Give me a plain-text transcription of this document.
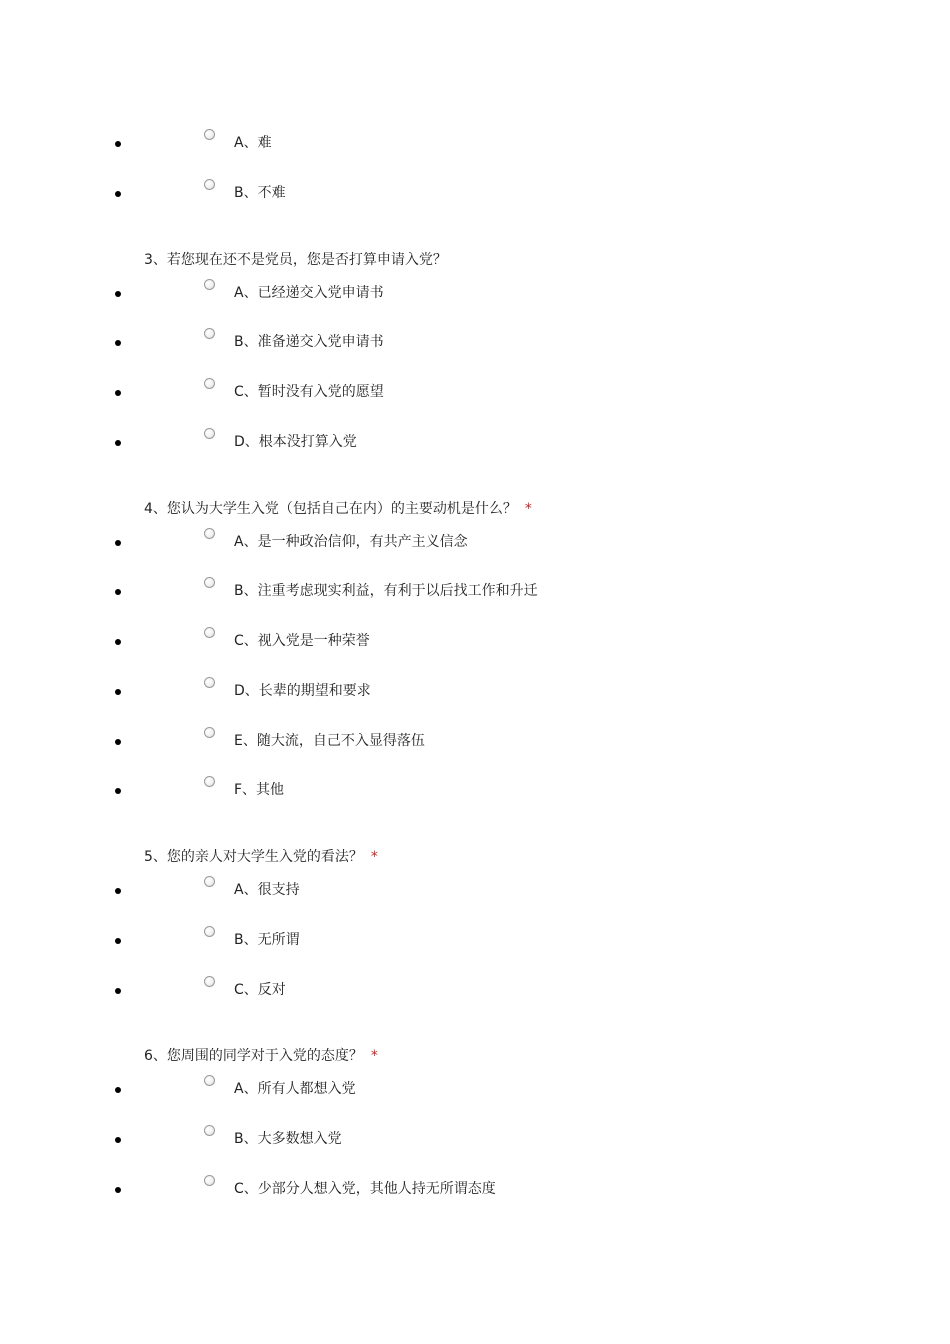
A、难
B、不难
3、若您现在还不是党员，您是否打算申请入党？
A、已经递交入党申请书
B、准备递交入党申请书
C、暂时没有入党的愿望
D、根本没打算入党
4、您认为大学生入党（包括自己在内）的主要动机是什么？ *
A、是一种政治信仰，有共产主义信念
B、注重考虑现实利益，有利于以后找工作和升迁
C、视入党是一种荣誉
D、长辈的期望和要求
E、随大流，自己不入显得落伍
F、其他
5、您的亲人对大学生入党的看法？ *
A、很支持
B、无所谓
C、反对
6、您周围的同学对于入党的态度？ *
A、所有人都想入党
B、大多数想入党
C、少部分人想入党，其他人持无所谓态度
